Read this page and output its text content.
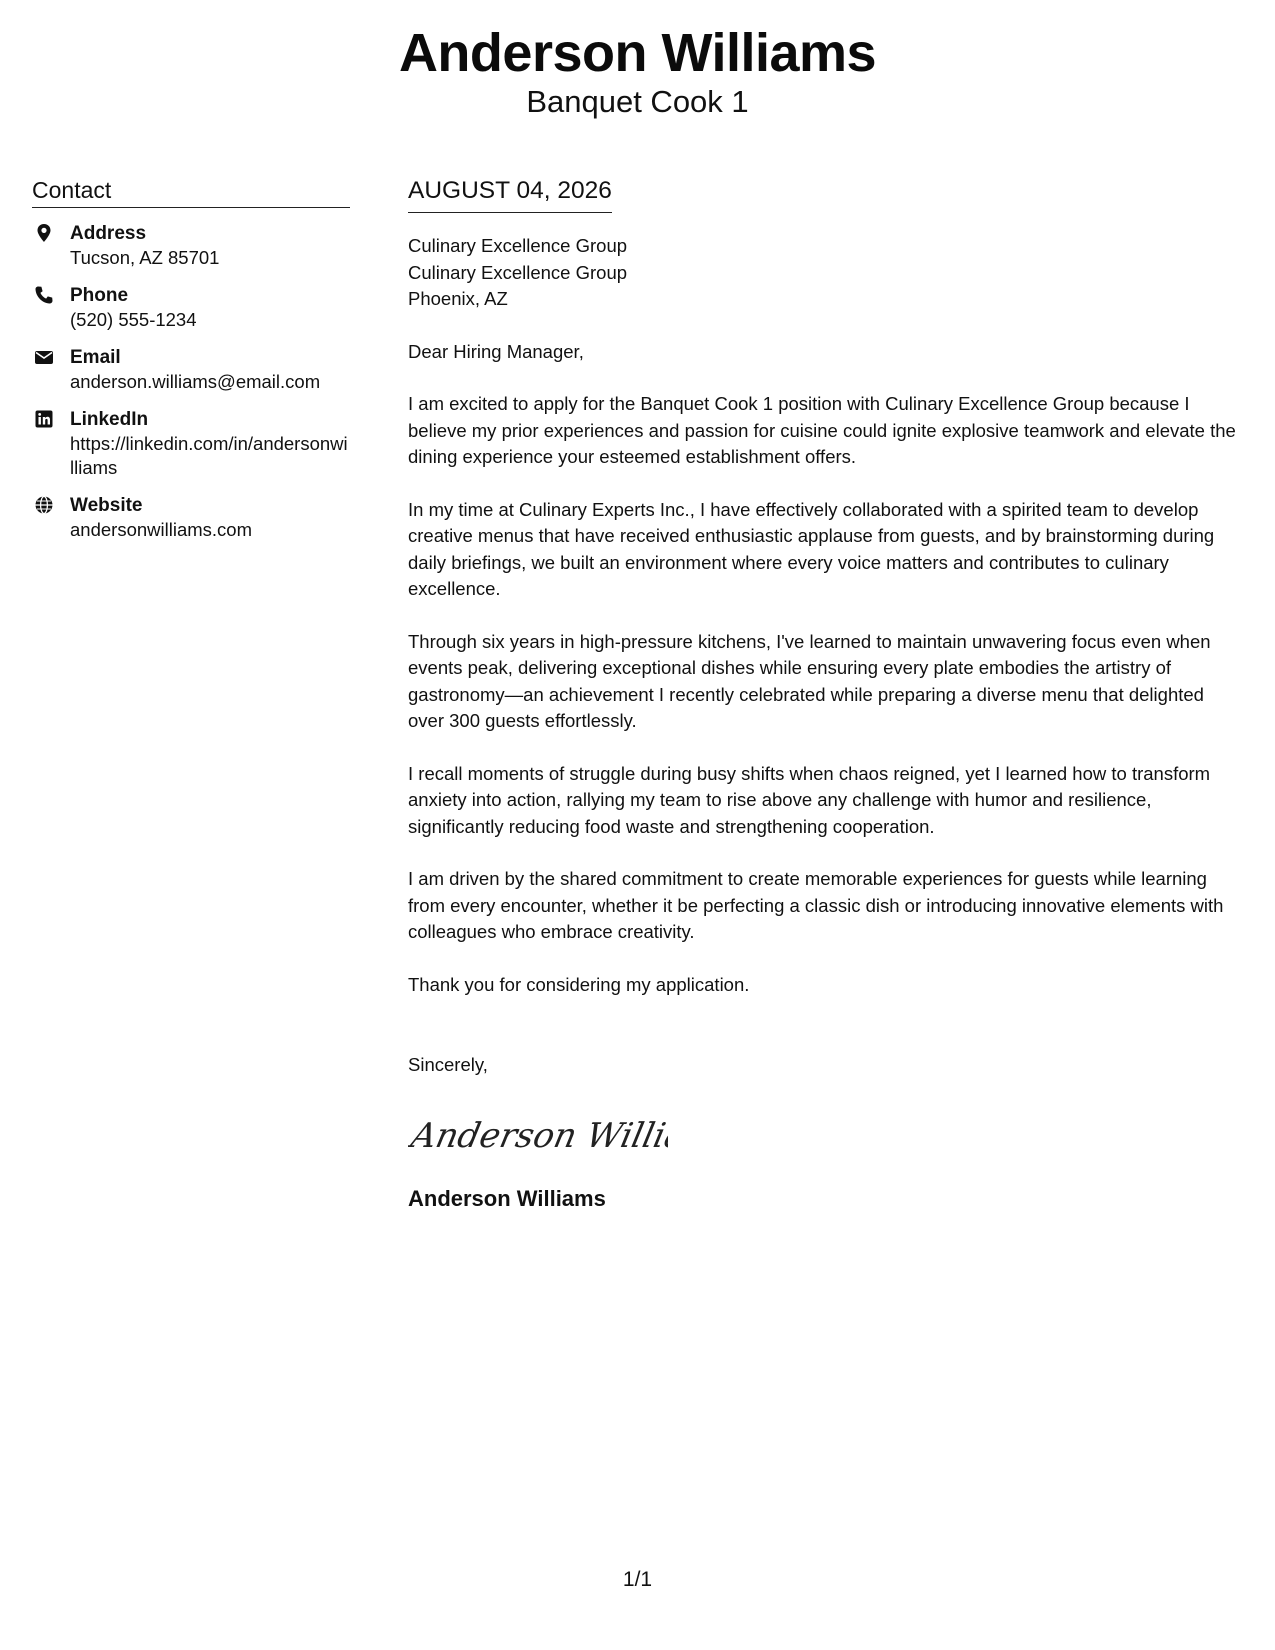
Anderson Williams
Banquet Cook 1
Contact
Address
Tucson, AZ 85701
Phone
(520) 555-1234
Email
anderson.williams@email.com
LinkedIn
https://linkedin.com/in/andersonwilliams
Website
andersonwilliams.com
AUGUST 04, 2026
Culinary Excellence Group
Culinary Excellence Group
Phoenix, AZ
Dear Hiring Manager,
I am excited to apply for the Banquet Cook 1 position with Culinary Excellence Group because I believe my prior experiences and passion for cuisine could ignite explosive teamwork and elevate the dining experience your esteemed establishment offers.
In my time at Culinary Experts Inc., I have effectively collaborated with a spirited team to develop creative menus that have received enthusiastic applause from guests, and by brainstorming during daily briefings, we built an environment where every voice matters and contributes to culinary excellence.
Through six years in high-pressure kitchens, I've learned to maintain unwavering focus even when events peak, delivering exceptional dishes while ensuring every plate embodies the artistry of gastronomy—an achievement I recently celebrated while preparing a diverse menu that delighted over 300 guests effortlessly.
I recall moments of struggle during busy shifts when chaos reigned, yet I learned how to transform anxiety into action, rallying my team to rise above any challenge with humor and resilience, significantly reducing food waste and strengthening cooperation.
I am driven by the shared commitment to create memorable experiences for guests while learning from every encounter, whether it be perfecting a classic dish or introducing innovative elements with colleagues who embrace creativity.
Thank you for considering my application.
Sincerely,
Anderson Willia
Anderson Williams
1/1
